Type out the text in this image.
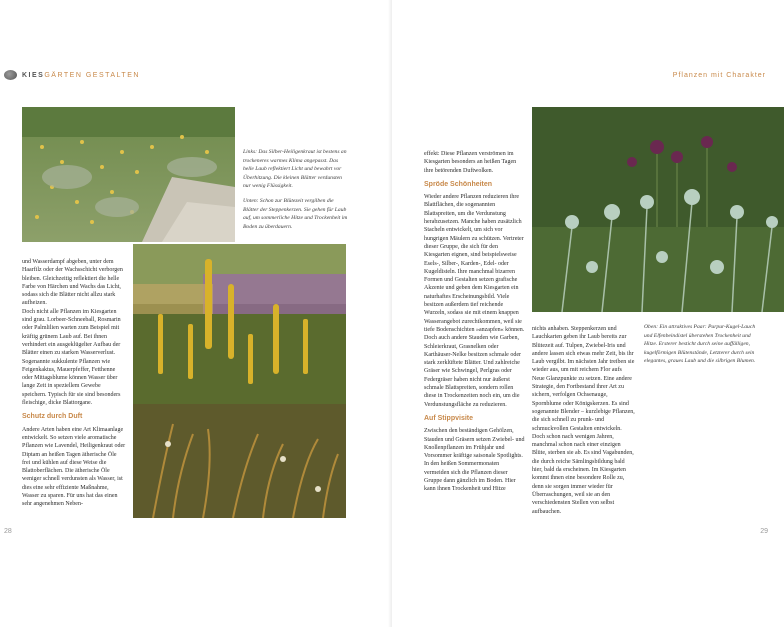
KIESGÄRTEN GESTALTEN

Links: Das Silber-Heiligenkraut ist bestens an trockeneres warmes Klima angepasst. Das helle Laub reflektiert Licht und bewahrt vor Überhitzung. Die kleinen Blätter verdunsten nur wenig Flüssigkeit.

Unten: Schon zur Blütezeit vergilben die Blätter der Steppenkerzen. Sie gehen für Laub auf, um sommerliche Hitze und Trockenheit im Boden zu überdauern.

und Wasserdampf abgeben, unter dem Haarfilz oder der Wachsschicht verborgen bleiben. Gleichzeitig reflektiert die helle Farbe von Härchen und Wachs das Licht, sodass sich die Blätter nicht allzu stark aufheizen.

Doch nicht alle Pflanzen im Kiesgarten sind grau. Lorbeer-Schneeball, Rosmarin oder Palmlilien warten zum Beispiel mit kräftig grünem Laub auf. Bei ihnen verhindert ein ausgeklügelter Aufbau der Blätter einen zu starken Wasserverlust. Sogenannte sukkulente Pflanzen wie Feigenkaktus, Mauerpfeffer, Fetthenne oder Mittagsblume können Wasser über lange Zeit in speziellem Gewebe speichern. Typisch für sie sind besonders fleischige, dicke Blattorgane.

Schutz durch Duft

Andere Arten haben eine Art Klimaanlage entwickelt. So setzen viele aromatische Pflanzen wie Lavendel, Heiligenkraut oder Diptam an heißen Tagen ätherische Öle frei und kühlen auf diese Weise die Blattoberflächen. Die ätherische Öle weniger schnell verdunsten als Wasser, ist dies eine sehr effiziente Maßnahme, Wasser zu sparen. Für uns hat das einen sehr angenehmen Neben-

28
Pflanzen mit Charakter

effekt: Diese Pflanzen verströmen im Kiesgarten besonders an heißen Tagen ihre betörenden Duftwolken.

Spröde Schönheiten

Wieder andere Pflanzen reduzieren ihre Blattflächen, die sogenannten Blattspreiten, um die Verdunstung herabzusetzen. Manche haben zusätzlich Stacheln entwickelt, um sich vor hungrigen Mäulern zu schützen. Vertreter dieser Gruppe, die sich für den Kiesgarten eignen, sind beispielsweise Esels-, Silber-, Karden-, Edel- oder Kugeldisteln. Ihre manchmal bizarren Formen und Gestalten setzen grafische Akzente und geben dem Kiesgarten ein naturhaftes Erscheinungsbild. Viele besitzen außerdem tief reichende Wurzeln, sodass sie mit einem knappen Wasserangebot zurechtkommen, weil sie tiefe Bodenschichten »anzapfen« können. Doch auch andere Stauden wie Garben, Schleierkraut, Grasnelken oder Karthäuser-Nelke besitzen schmale oder stark zerklüftete Blätter. Und zahlreiche Gräser wie Schwingel, Perlgras oder Federgräser haben nicht nur äußerst schmale Blattspreiten, sondern rollen diese in Trockenzeiten noch ein, um die Verdunstungsfläche zu reduzieren.

Auf Stippvisite

Zwischen den beständigen Gehölzen, Stauden und Gräsern setzen Zwiebel- und Knollenpflanzen im Frühjahr und Vorsommer kräftige saisonale Spotlights. In den heißen Sommermonaten vermeiden sich die Pflanzen dieser Gruppe dann gänzlich im Boden. Hier kann ihnen Trockenheit und Hitze

nichts anhaben. Steppenkerzen und Lauchkarten geben ihr Laub bereits zur Blütezeit auf. Tulpen, Zwiebel-Iris und andere lassen sich etwas mehr Zeit, bis ihr Laub vergilbt. Im nächsten Jahr treiben sie wieder aus, um mit reichem Flor aufs Neue Glanzpunkte zu setzen. Eine andere Strategie, den Fortbestand ihrer Art zu sichern, verfolgen Ochsenauge, Spornblume oder Königskerzen. Es sind sogenannte Blender – kurzlebige Pflanzen, die sich schnell zu prunk- und schmuckvollen Gestalten entwickeln. Doch schon nach wenigen Jahren, manchmal schon nach einer einzigen Blüte, sterben sie ab. Es sind Vagabunden, die durch reiche Sämlingsbildung bald hier, bald da erscheinen. Im Kiesgarten kommt ihnen eine besondere Rolle zu, denn sie sorgen immer wieder für Überraschungen, weil sie an den verschiedensten Stellen von selbst aufbauchen.

Oben: Ein attraktives Paar: Purpur-Kugel-Lauch und Elfenbeindistel überstehen Trockenheit und Hitze. Ersterer besticht durch seine auffälligen, kugelförmigen Blütenstände, Letzterer durch sein elegantes, graues Laub und die silbrigen Blumen.

29
